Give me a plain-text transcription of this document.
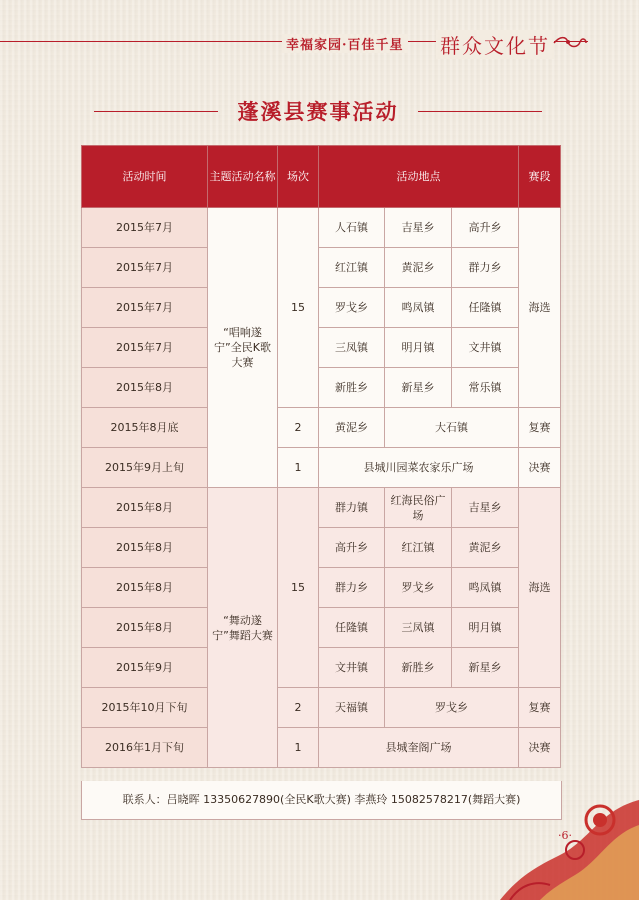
幸福家园·百佳千星 群众文化节
蓬溪县赛事活动
活动时间	主题活动名称	场次	活动地点			赛段
2015年7月	“唱响遂宁”全民K歌大赛	15	人石镇	吉星乡	高升乡	海选
2015年7月			红江镇	黄泥乡	群力乡	
2015年7月			罗戈乡	鸣凤镇	任隆镇	
2015年7月			三凤镇	明月镇	文井镇	
2015年8月			新胜乡	新星乡	常乐镇	
2015年8月底		2	黄泥乡	大石镇		复赛
2015年9月上旬		1	县城川园菜农家乐广场			决赛
2015年8月	“舞动遂宁”舞蹈大赛	15	群力镇	红海民俗广场	吉星乡	海选
2015年8月			高升乡	红江镇	黄泥乡	
2015年8月			群力乡	罗戈乡	鸣凤镇	
2015年8月			任隆镇	三凤镇	明月镇	
2015年9月			文井镇	新胜乡	新星乡	
2015年10月下旬		2	天福镇	罗戈乡		复赛
2016年1月下旬		1	县城奎阁广场			决赛
联系人：吕晓晖 13350627890(全民K歌大赛) 李燕玲 15082578217(舞蹈大赛)
·6·
